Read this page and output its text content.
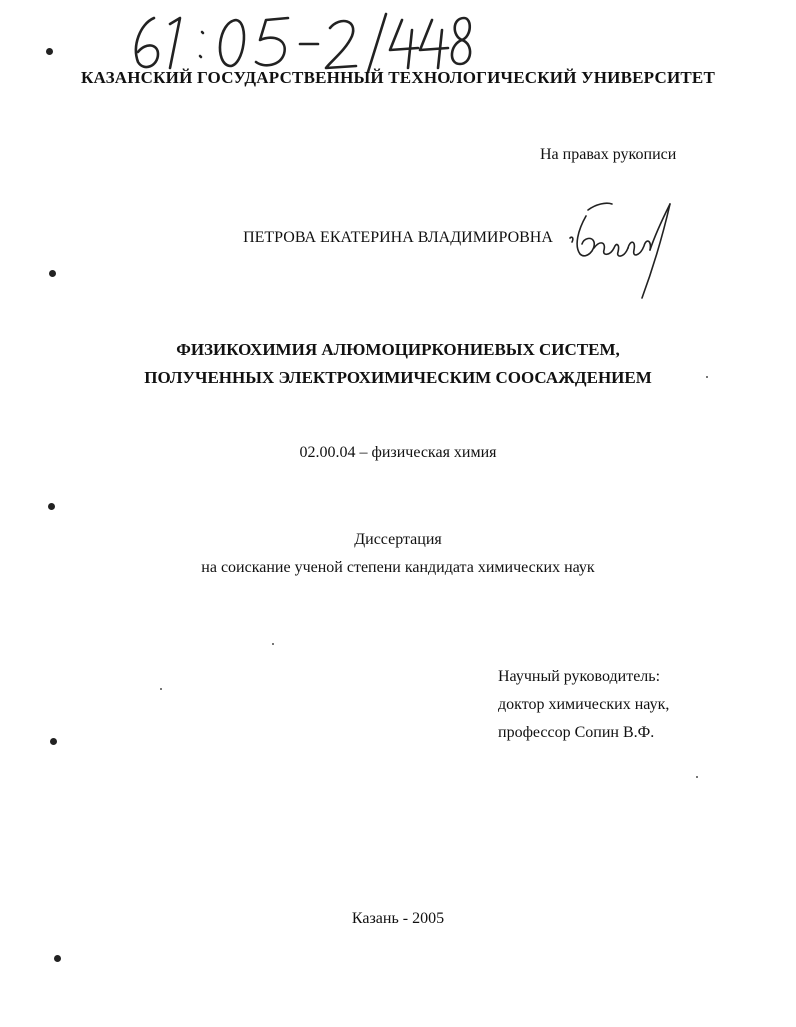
КАЗАНСКИЙ ГОСУДАРСТВЕННЫЙ ТЕХНОЛОГИЧЕСКИЙ УНИВЕРСИТЕТ
На правах рукописи
ПЕТРОВА ЕКАТЕРИНА ВЛАДИМИРОВНА
ФИЗИКОХИМИЯ АЛЮМОЦИРКОНИЕВЫХ СИСТЕМ,
ПОЛУЧЕННЫХ ЭЛЕКТРОХИМИЧЕСКИМ СООСАЖДЕНИЕМ
02.00.04 – физическая химия
Диссертация
на соискание ученой степени кандидата химических наук
Научный руководитель:
доктор химических наук,
профессор Сопин В.Ф.
Казань - 2005
